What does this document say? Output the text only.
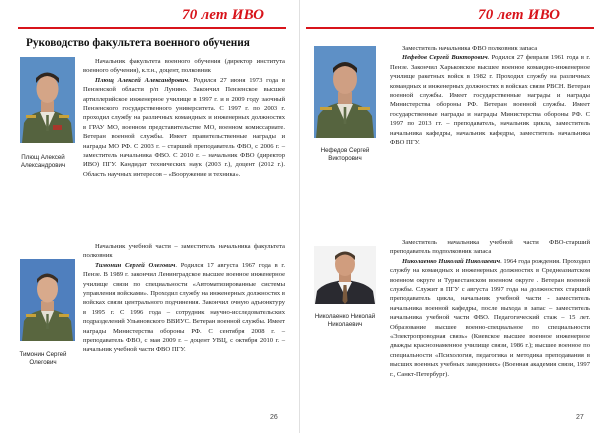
70 лет ИВО
Руководство факультета военного обучения
Плющ Алексей Александрович

Начальник факультета военного обучения (директор института военного обучения), к.т.н., доцент, полковник

Плющ Алексей Александрович. Родился 27 июня 1973 года в Пензенской области р/п Лунино. Закончил Пензенское высшее артиллерийское инженерное училище в 1997 г. и в 2009 году заочный Пензенского государственного университета. С 1997 г. по 2003 г. проходил службу на различных командных и инженерных должностях в ГРАУ МО, военном представительстве МО, военном комиссариате. Ветеран военной службы. Имеет правительственные награды и награды МО РФ. С 2003 г. – старший преподаватель ФВО, с 2006 г. – заместитель начальника ФВО. С 2010 г. – начальник ФВО (директор ИВО) ПГУ. Кандидат технических наук (2003 г.), доцент (2012 г.). Область научных интересов – «Вооружение и техника».

Тимонин Сергей Олегович

Начальник учебной части – заместитель начальника факультета полковник

Тимонин Сергей Олегович. Родился 17 августа 1967 года в г. Пензе. В 1989 г. закончил Ленинградское высшее военное инженерное училище связи по специальности «Автоматизированные системы управления войсками». Проходил службу на инженерных должностях в войсках связи центрального подчинения. Закончил очную адъюнктуру в 1995 г. С 1996 года – сотрудник научно-исследовательских подразделений Ульяновского ВВИУС. Ветеран военной службы. Имеет награды Министерства обороны РФ. С сентября 2008 г. – преподаватель ФВО, с мая 2009 г. – доцент УВЦ, с октября 2010 г. – начальник учебной части ФВО ПГУ.

26
70 лет ИВО
Нефедов Сергей Викторович

Заместитель начальника ФВО полковник запаса

Нефедов Сергей Викторович. Родился 27 февраля 1961 года в г. Пензе. Закончил Харьковское высшее военное командно-инженерное училище ракетных войск в 1982 г. Проходил службу на различных командных и инженерных должностях в войсках связи РВСН. Ветеран военной службы. Имеет государственные награды и награды Министерства обороны РФ. Ветеран военной службы. Имеет государственные награды и награды Министерства обороны РФ. С 1997 по 2013 гг. – преподаватель, начальник цикла, заместитель начальника кафедры, начальник кафедры, заместитель начальника ФВО ПГУ.

Николаенко Николай Николаевич

Заместитель начальника учебной части ФВО-старший преподаватель подполковник запаса

Николаенко Николай Николаевич. 1964 года рождения. Проходил службу на командных и инженерных должностях в Среднеазиатском военном округе и Туркестанском военном округе . Ветеран военной службы. Служит в ПГУ с августа 1997 года на должностях старший преподаватель цикла, начальник учебной части - заместитель начальника военной кафедры, после выхода в запас – заместитель начальника учебной части ФВО. Педагогический стаж – 15 лет. Образование высшее военно-специальное по специальности «Электропроводная связь» (Киевское высшее военное инженерное дважды краснознаменное училище связи, 1986 г.); высшее военное по специальности «Психология, педагогика и методика преподавания в высших военных учебных заведениях» (Военная академия связи, 1997 г., Санкт-Петербург).

27
